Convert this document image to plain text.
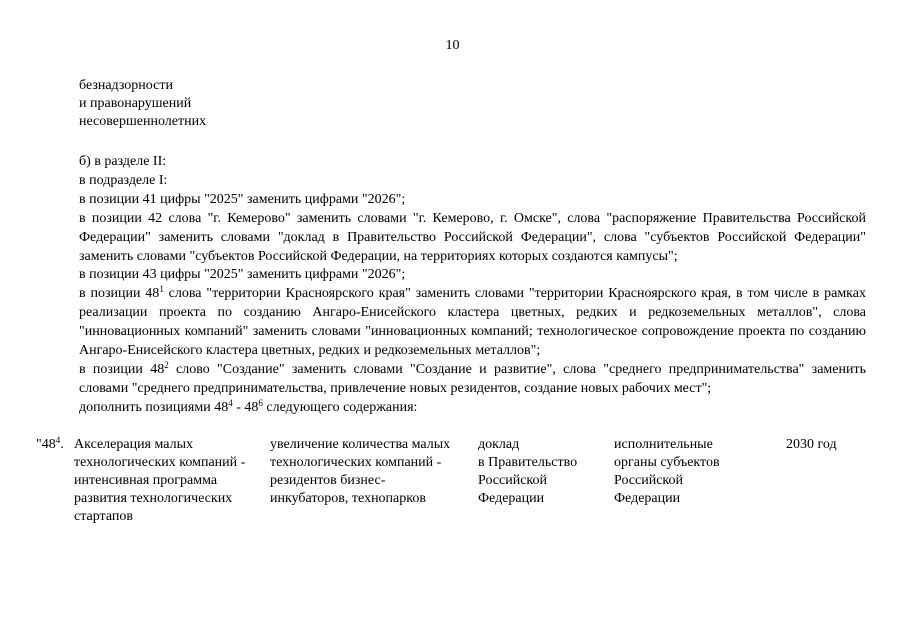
10
безнадзорности
и правонарушений
несовершеннолетних

б) в разделе II:

в подразделе I:

в позиции 41 цифры "2025" заменить цифрами "2026";

в позиции 42 слова "г. Кемерово" заменить словами "г. Кемерово, г. Омске", слова "распоряжение Правительства Российской Федерации" заменить словами "доклад в Правительство Российской Федерации", слова "субъектов Российской Федерации" заменить словами "субъектов Российской Федерации, на территориях которых создаются кампусы";

в позиции 43 цифры "2025" заменить цифрами "2026";

в позиции $48^1$ слова "территории Красноярского края" заменить словами "территории Красноярского края, в том числе в рамках реализации проекта по созданию Ангаро-Енисейского кластера цветных, редких и редкоземельных металлов", слова "инновационных компаний" заменить словами "инновационных компаний; технологическое сопровождение проекта по созданию Ангаро-Енисейского кластера цветных, редких и редкоземельных металлов";

в позиции $48^2$ слово "Создание" заменить словами "Создание и развитие", слова "среднего предпринимательства" заменить словами "среднего предпринимательства, привлечение новых резидентов, создание новых рабочих мест";

дополнить позициями $48^4 - 48^6$ следующего содержания:

"$48^4$. Акселерация малых
технологических компаний -
интенсивная программа
развития технологических
стартапов
увеличение количества малых
технологических компаний -
резидентов бизнес-
инкубаторов, технопарков
доклад
в Правительство
Российской
Федерации
исполнительные
органы субъектов
Российской
Федерации
2030 год
